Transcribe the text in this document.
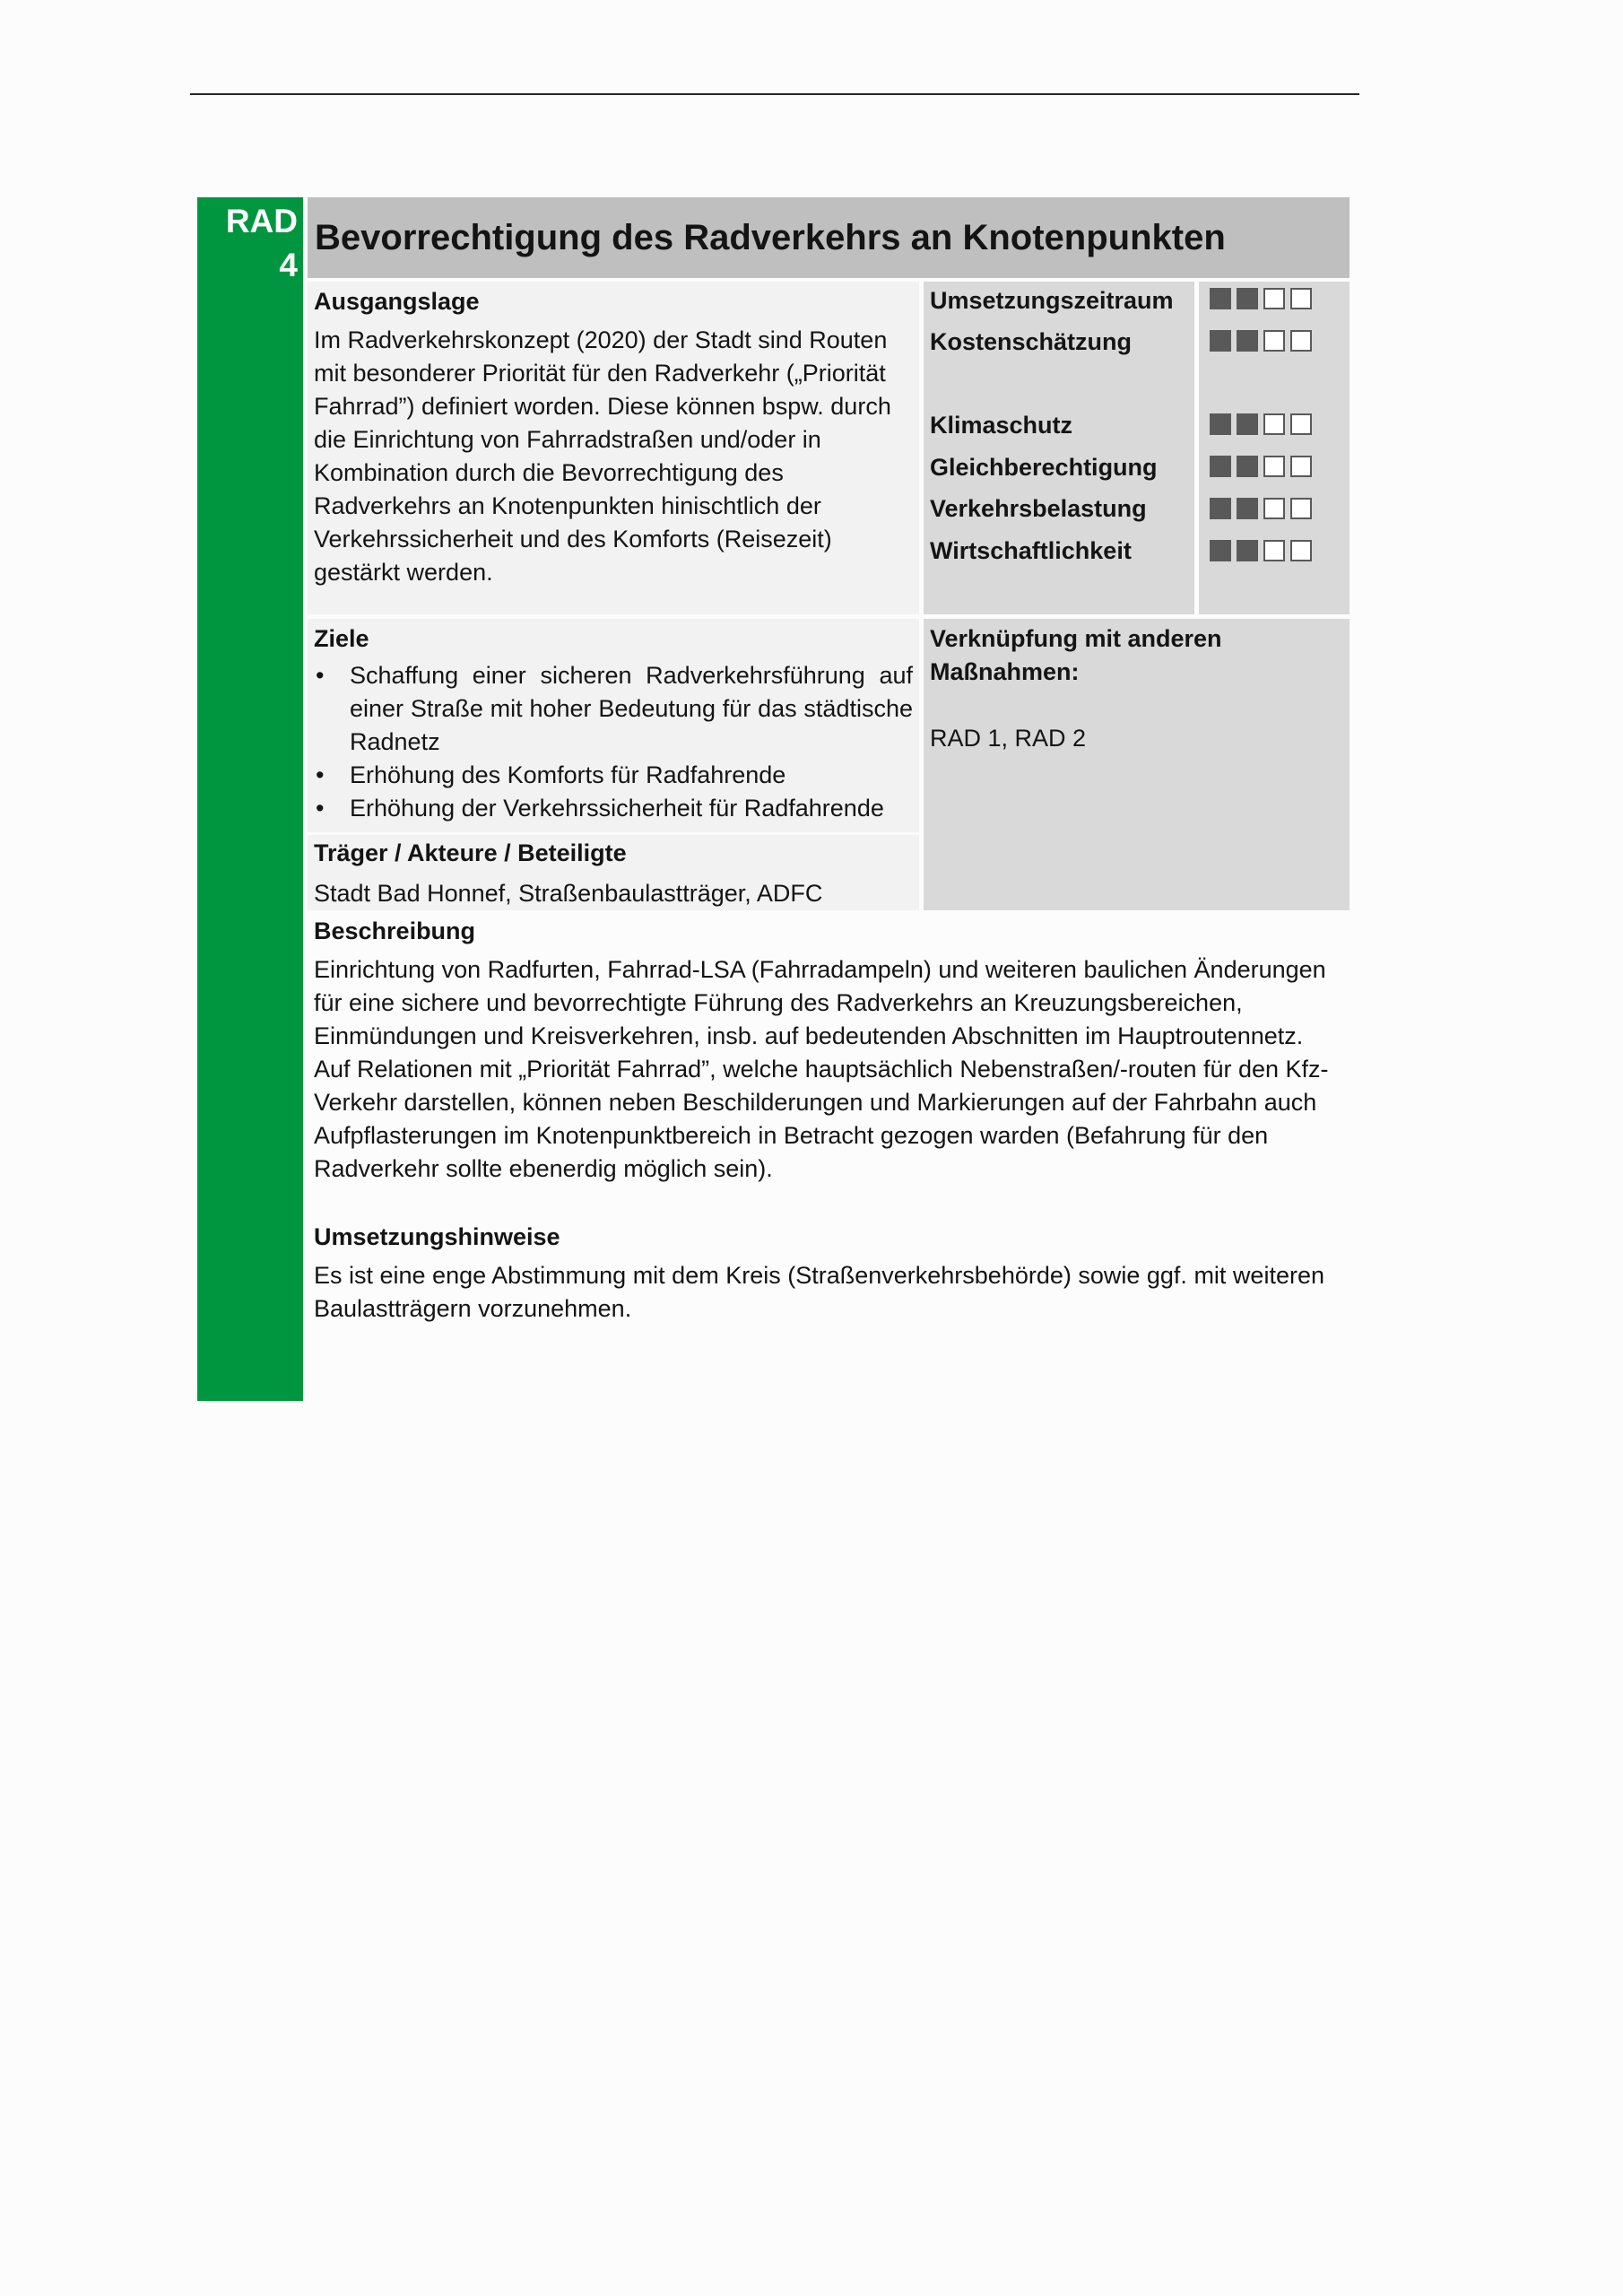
RAD
4
Bevorrechtigung des Radverkehrs an Knotenpunkten
Ausgangslage

Im Radverkehrskonzept (2020) der Stadt sind Routen mit besonderer Priorität für den Radverkehr („Priorität Fahrrad”) definiert worden. Diese können bspw. durch die Einrichtung von Fahrradstraßen und/oder in Kombination durch die Bevorrechtigung des Radverkehrs an Knotenpunkten hinischtlich der Verkehrssicherheit und des Komforts (Reisezeit) gestärkt werden.

Umsetzungszeitraum
Kostenschätzung
Klimaschutz
Gleichberechtigung
Verkehrsbelastung
Wirtschaftlichkeit
Ziele
• Schaffung einer sicheren Radverkehrsführung auf einer Straße mit hoher Bedeutung für das städtische Radnetz
• Erhöhung des Komforts für Radfahrende
• Erhöhung der Verkehrssicherheit für Radfahrende
Träger / Akteure / Beteiligte
Stadt Bad Honnef, Straßenbaulastträger, ADFC
Verknüpfung mit anderen Maßnahmen:
RAD 1, RAD 2
Beschreibung

Einrichtung von Radfurten, Fahrrad-LSA (Fahrradampeln) und weiteren baulichen Änderungen für eine sichere und bevorrechtigte Führung des Radverkehrs an Kreuzungsbereichen, Einmündungen und Kreisverkehren, insb. auf bedeutenden Abschnitten im Hauptroutennetz.

Auf Relationen mit „Priorität Fahrrad”, welche hauptsächlich Nebenstraßen/-routen für den Kfz-Verkehr darstellen, können neben Beschilderungen und Markierungen auf der Fahrbahn auch Aufpflasterungen im Knotenpunktbereich in Betracht gezogen warden (Befahrung für den Radverkehr sollte ebenerdig möglich sein).

Umsetzungshinweise

Es ist eine enge Abstimmung mit dem Kreis (Straßenverkehrsbehörde) sowie ggf. mit weiteren Baulastträgern vorzunehmen.
